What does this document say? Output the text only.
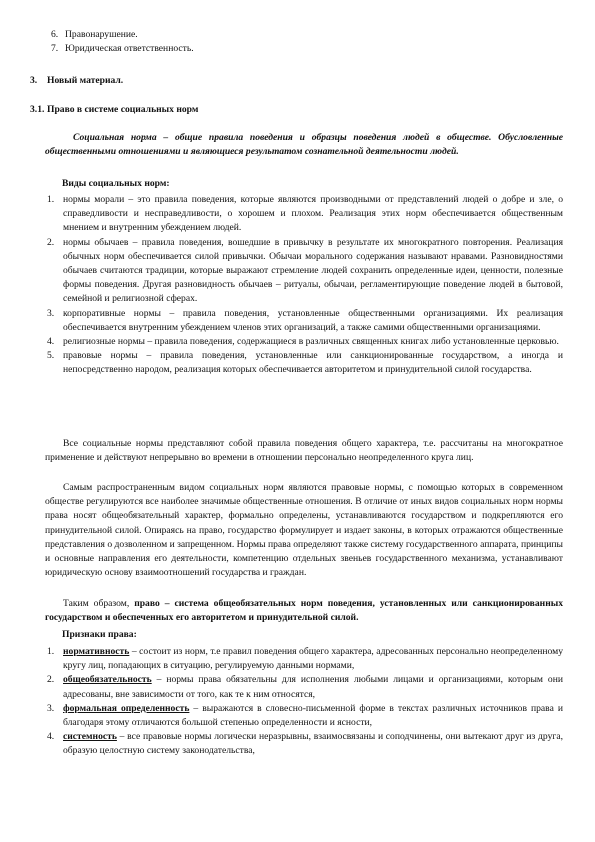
6. Правонарушение.
7. Юридическая ответственность.
3. Новый материал.
3.1. Право в системе социальных норм

Социальная норма – общие правила поведения и образцы поведения людей в обществе. Обусловленные общественными отношениями и являющиеся результатом сознательной деятельности людей.

Виды социальных норм:
1. нормы морали – это правила поведения, которые являются производными от представлений людей о добре и зле, о справедливости и несправедливости, о хорошем и плохом. Реализация этих норм обеспечивается общественным мнением и внутренним убеждением людей.
2. нормы обычаев – правила поведения, вошедшие в привычку в результате их многократного повторения. Реализация обычных норм обеспечивается силой привычки. Обычаи морального содержания называют нравами. Разновидностями обычаев считаются традиции, которые выражают стремление людей сохранить определенные идеи, ценности, полезные формы поведения. Другая разновидность обычаев – ритуалы, обычаи, регламентирующие поведение людей в бытовой, семейной и религиозной сферах.
3. корпоративные нормы – правила поведения, установленные общественными организациями. Их реализация обеспечивается внутренним убеждением членов этих организаций, а также самими общественными организациями.
4. религиозные нормы – правила поведения, содержащиеся в различных священных книгах либо установленные церковью.
5. правовые нормы – правила поведения, установленные или санкционированные государством, а иногда и непосредственно народом, реализация которых обеспечивается авторитетом и принудительной силой государства.

Все социальные нормы представляют собой правила поведения общего характера, т.е. рассчитаны на многократное применение и действуют непрерывно во времени в отношении персонально неопределенного круга лиц.

Самым распространенным видом социальных норм являются правовые нормы, с помощью которых в современном обществе регулируются все наиболее значимые общественные отношения. В отличие от иных видов социальных норм нормы права носят общеобязательный характер, формально определены, устанавливаются государством и подкрепляются его принудительной силой. Опираясь на право, государство формулирует и издает законы, в которых отражаются общественные представления о дозволенном и запрещенном. Нормы права определяют также систему государственного аппарата, принципы и основные направления его деятельности, компетенцию отдельных звеньев государственного механизма, устанавливают юридическую основу взаимоотношений государства и граждан.

Таким образом, право – система общеобязательных норм поведения, установленных или санкционированных государством и обеспеченных его авторитетом и принудительной силой.

Признаки права:
1. нормативность – состоит из норм, т.е правил поведения общего характера, адресованных персонально неопределенному кругу лиц, попадающих в ситуацию, регулируемую данными нормами,
2. общеобязательность – нормы права обязательны для исполнения любыми лицами и организациями, которым они адресованы, вне зависимости от того, как те к ним относятся,
3. формальная определенность – выражаются в словесно-письменной форме в текстах различных источников права и благодаря этому отличаются большой степенью определенности и ясности,
4. системность – все правовые нормы логически неразрывны, взаимосвязаны и соподчинены, они вытекают друг из друга, образую целостную систему законодательства,
